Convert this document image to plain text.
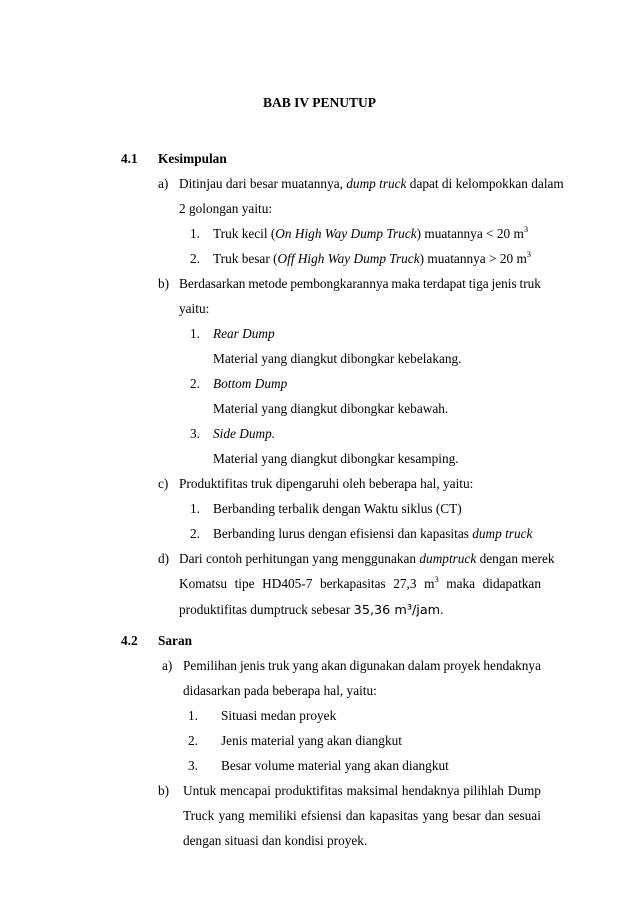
BAB IV PENUTUP
4.1 Kesimpulan
a) Ditinjau dari besar muatannya, dump truck dapat di kelompokkan dalam
2 golongan yaitu:
1. Truk kecil (On High Way Dump Truck) muatannya < 20 $m^3$
2. Truk besar (Off High Way Dump Truck) muatannya > 20 $m^3$
b) Berdasarkan metode pembongkarannya maka terdapat tiga jenis truk
yaitu:
1. Rear Dump
Material yang diangkut dibongkar kebelakang.
2. Bottom Dump
Material yang diangkut dibongkar kebawah.
3. Side Dump.
Material yang diangkut dibongkar kesamping.
c) Produktifitas truk dipengaruhi oleh beberapa hal, yaitu:
1. Berbanding terbalik dengan Waktu siklus (CT)
2. Berbanding lurus dengan efisiensi dan kapasitas dump truck
d) Dari contoh perhitungan yang menggunakan dumptruck dengan merek
Komatsu tipe HD405-7 berkapasitas 27,3 $m^3$ maka didapatkan
produktifitas dumptruck sebesar 35,36 m³/jam.
4.2 Saran
a) Pemilihan jenis truk yang akan digunakan dalam proyek hendaknya
didasarkan pada beberapa hal, yaitu:
1. Situasi medan proyek
2. Jenis material yang akan diangkut
3. Besar volume material yang akan diangkut
b) Untuk mencapai produktifitas maksimal hendaknya pilihlah Dump
Truck yang memiliki efsiensi dan kapasitas yang besar dan sesuai
dengan situasi dan kondisi proyek.
